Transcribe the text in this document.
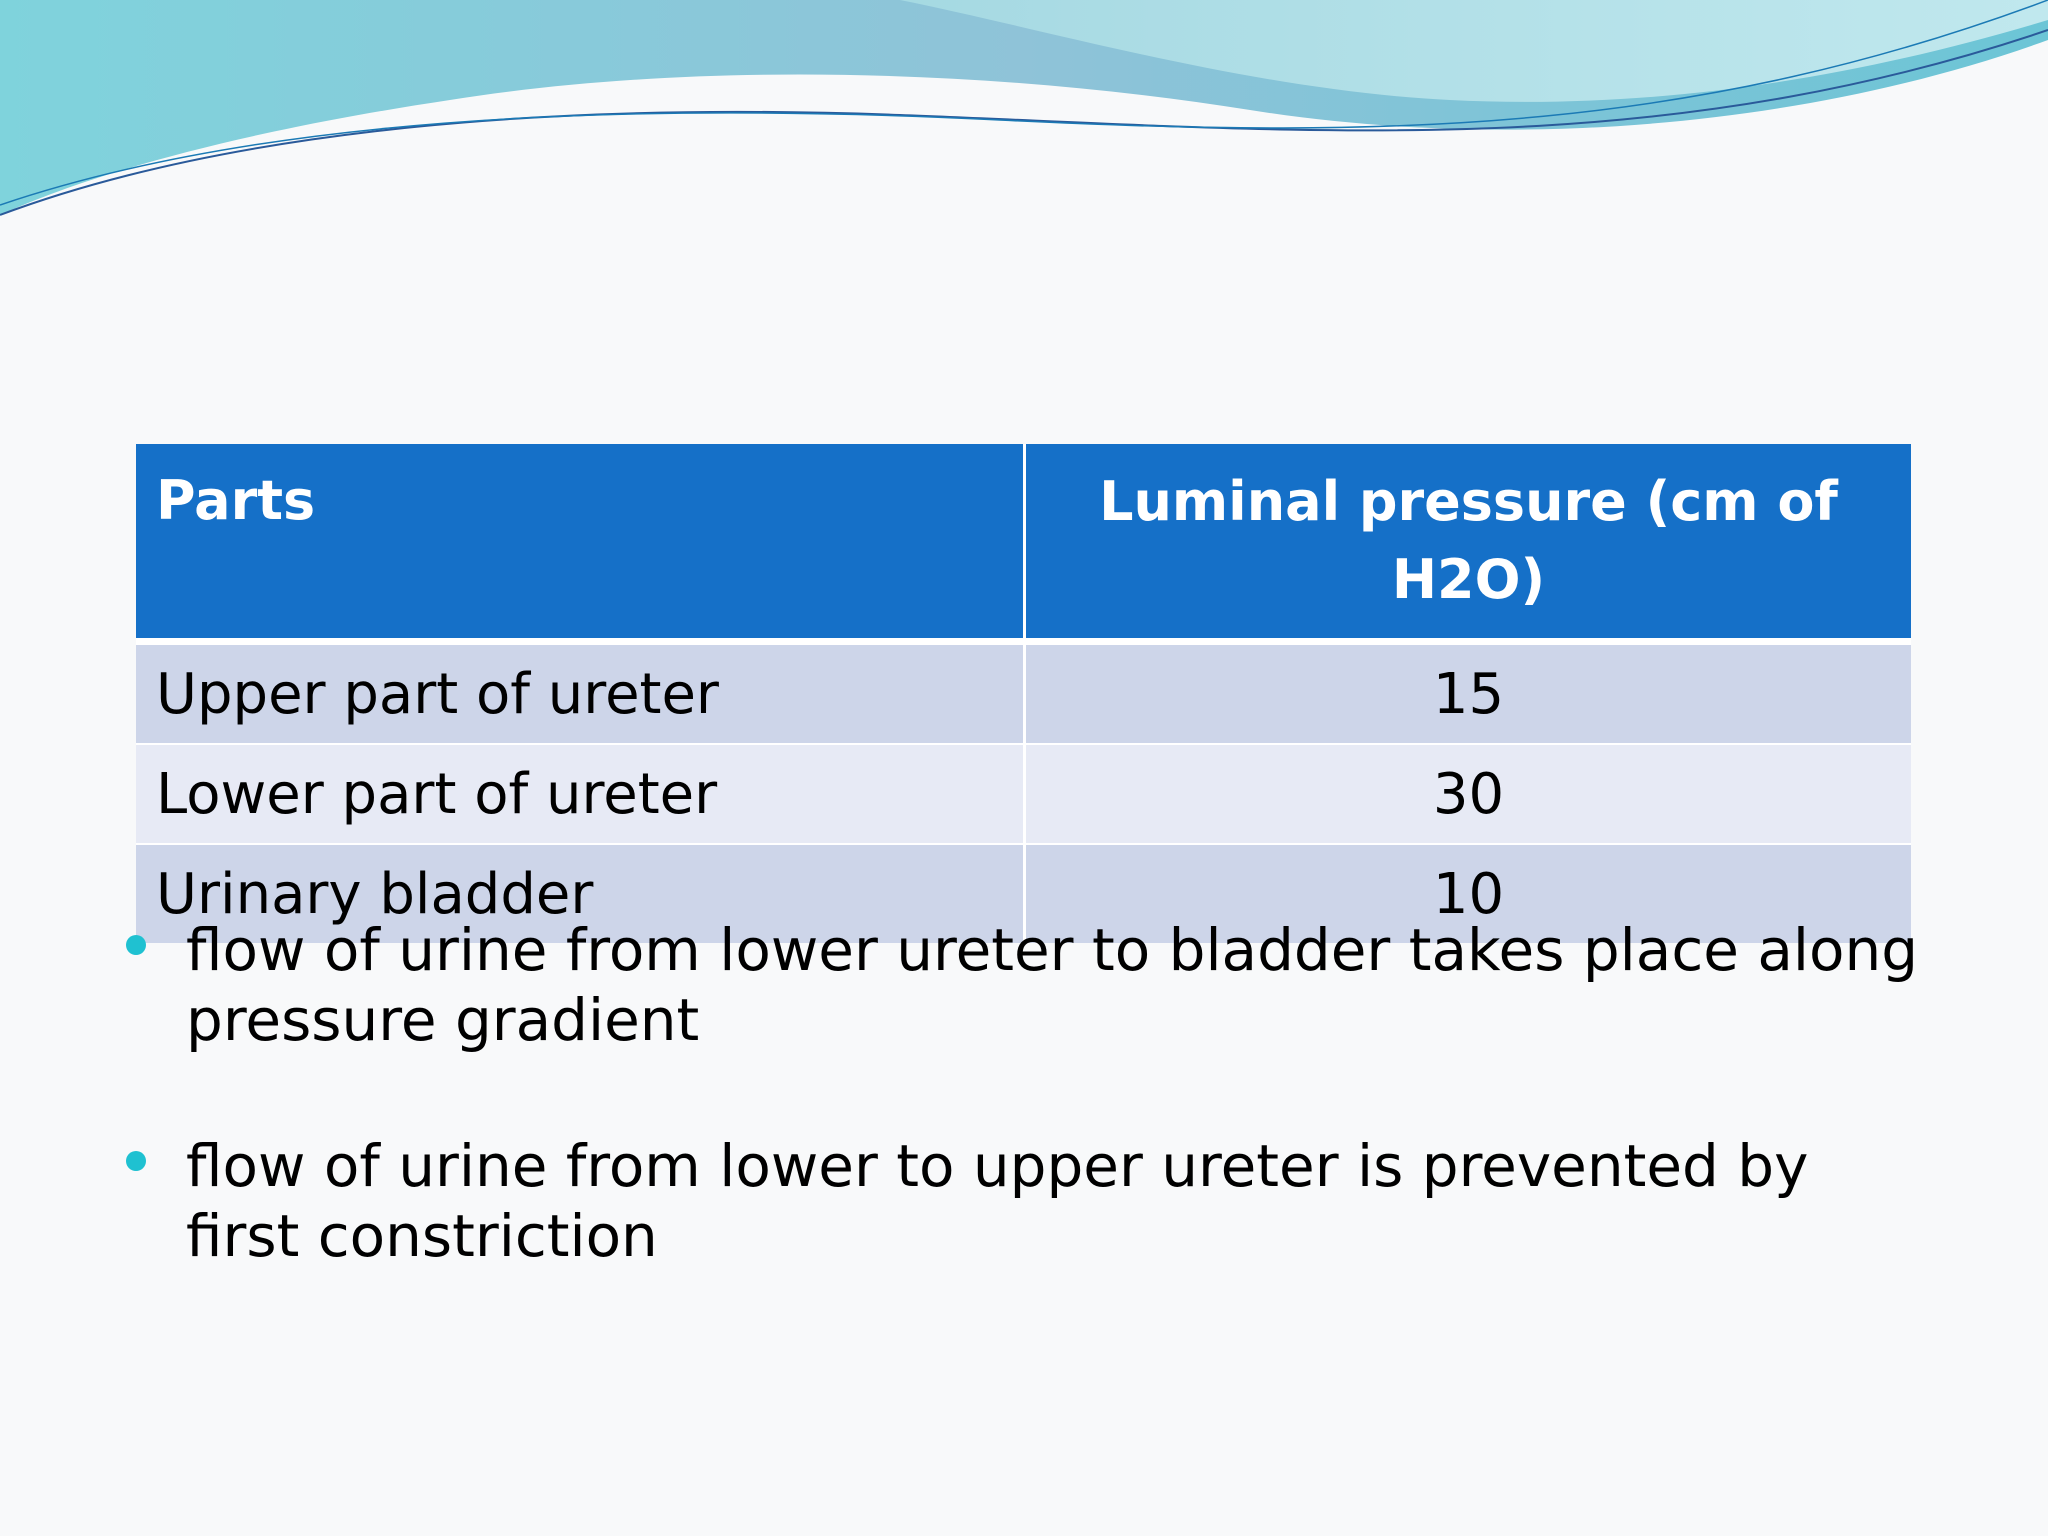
Parts	Luminal pressure (cm of H2O)
Upper part of ureter	15
Lower part of ureter	30
Urinary bladder	10
flow of urine from lower ureter to bladder takes place along pressure gradient
flow of urine from lower to upper ureter is prevented by first constriction
